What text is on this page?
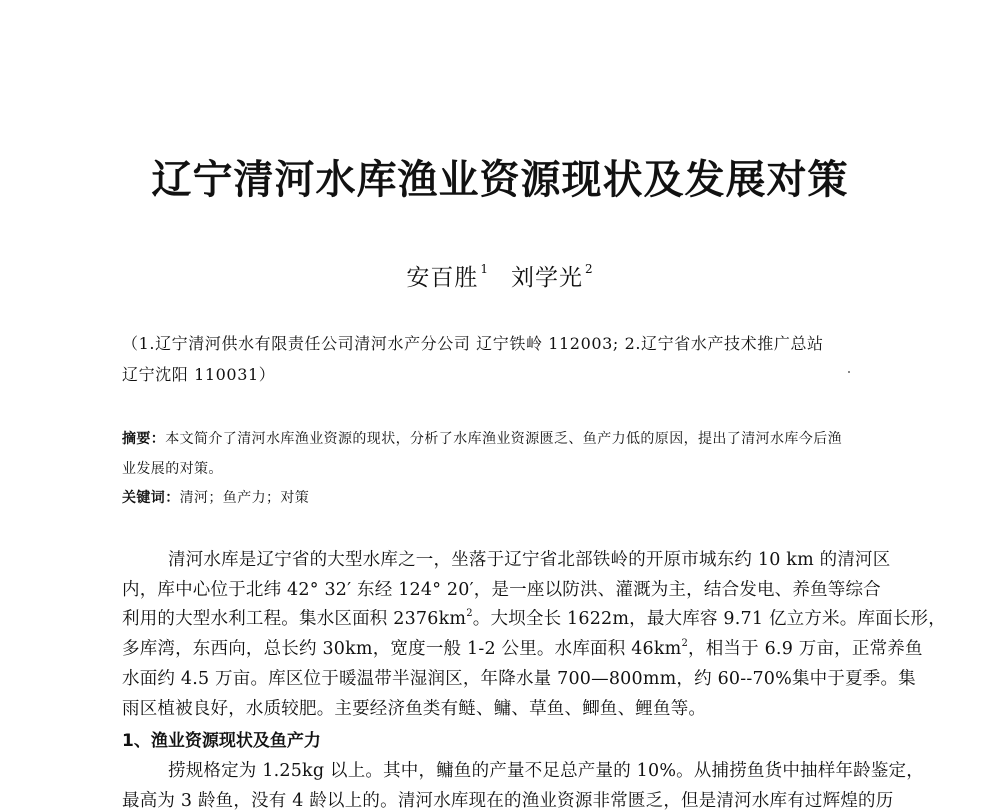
辽宁清河水库渔业资源现状及发展对策
安百胜 $^1$ 刘学光 $^2$
（1.辽宁清河供水有限责任公司清河水产分公司 辽宁铁岭 112003; 2.辽宁省水产技术推广总站
辽宁沈阳 110031）
摘要：本文简介了清河水库渔业资源的现状，分析了水库渔业资源匮乏、鱼产力低的原因，提出了清河水库今后渔
业发展的对策。
关键词：清河；鱼产力；对策
清河水库是辽宁省的大型水库之一，坐落于辽宁省北部铁岭的开原市城东约 10 km 的清河区
内，库中心位于北纬 42° 32′ 东经 124° 20′，是一座以防洪、灌溉为主，结合发电、养鱼等综合
利用的大型水利工程。集水区面积 $2376km^2$。大坝全长 1622m，最大库容 9.71 亿立方米。库面长形，
多库湾，东西向，总长约 30km，宽度一般 1-2 公里。水库面积 $46km^2$，相当于 6.9 万亩，正常养鱼
水面约 4.5 万亩。库区位于暖温带半湿润区，年降水量 700—800mm，约 60--70%集中于夏季。集
雨区植被良好，水质较肥。主要经济鱼类有鲢、鳙、草鱼、鲫鱼、鲤鱼等。
1、渔业资源现状及鱼产力
捞规格定为 1.25kg 以上。其中，鳙鱼的产量不足总产量的 10%。从捕捞鱼货中抽样年龄鉴定，
最高为 3 龄鱼，没有 4 龄以上的。清河水库现在的渔业资源非常匮乏，但是清河水库有过辉煌的历
